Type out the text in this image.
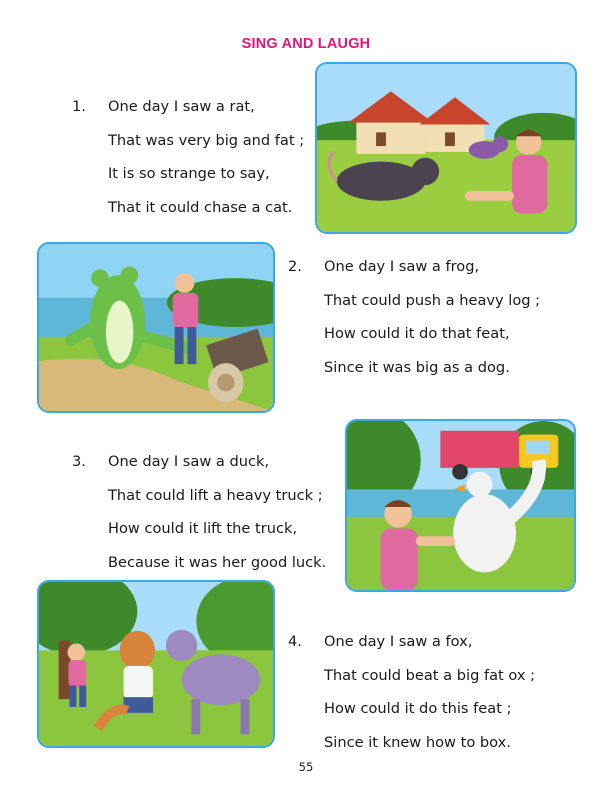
SING AND LAUGH
1. One day I saw a rat,
That was very big and fat ;
It is so strange to say,
That it could chase a cat.
2. One day I saw a frog,
That could push a heavy log ;
How could it do that feat,
Since it was big as a dog.
3. One day I saw a duck,
That could lift a heavy truck ;
How could it lift the truck,
Because it was her good luck.
4. One day I saw a fox,
That could beat a big fat ox ;
How could it do this feat ;
Since it knew how to box.
55
